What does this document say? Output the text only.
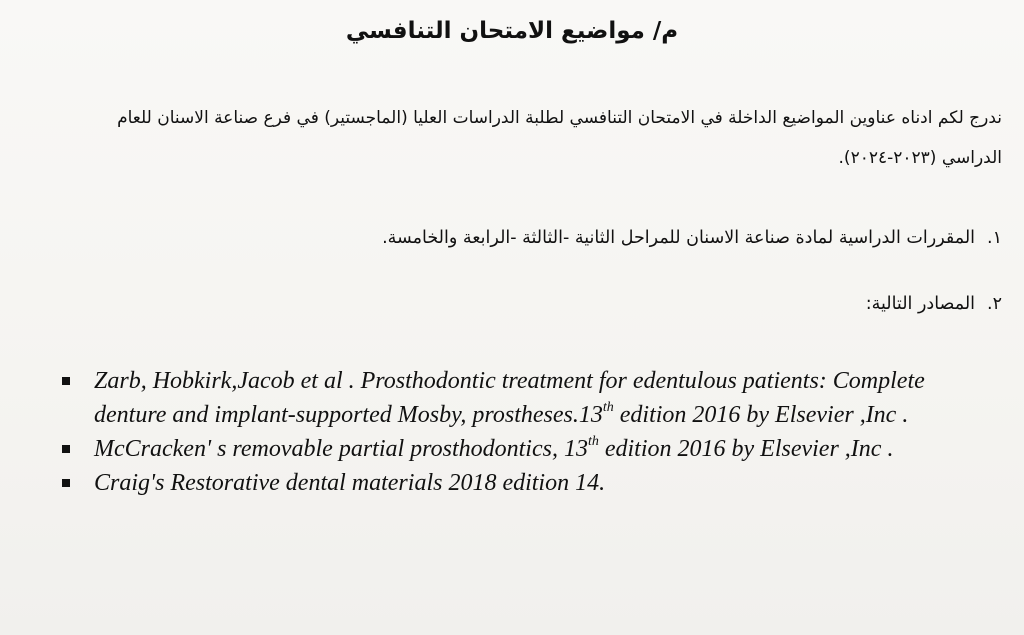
م/ مواضيع الامتحان التنافسي
ندرج لكم ادناه عناوين المواضيع الداخلة في الامتحان التنافسي لطلبة الدراسات العليا (الماجستير) في فرع صناعة الاسنان للعام الدراسي (٢٠٢٣-٢٠٢٤).
١.المقررات الدراسية لمادة صناعة الاسنان للمراحل الثانية -الثالثة -الرابعة والخامسة.
٢.المصادر التالية:
Zarb, Hobkirk,Jacob et al . Prosthodontic treatment for edentulous patients: Complete denture and implant-supported Mosby, prostheses.13th edition 2016 by Elsevier ,Inc .
McCracken' s removable partial prosthodontics, 13th edition 2016 by Elsevier ,Inc .
Craig's Restorative dental materials 2018 edition 14.
